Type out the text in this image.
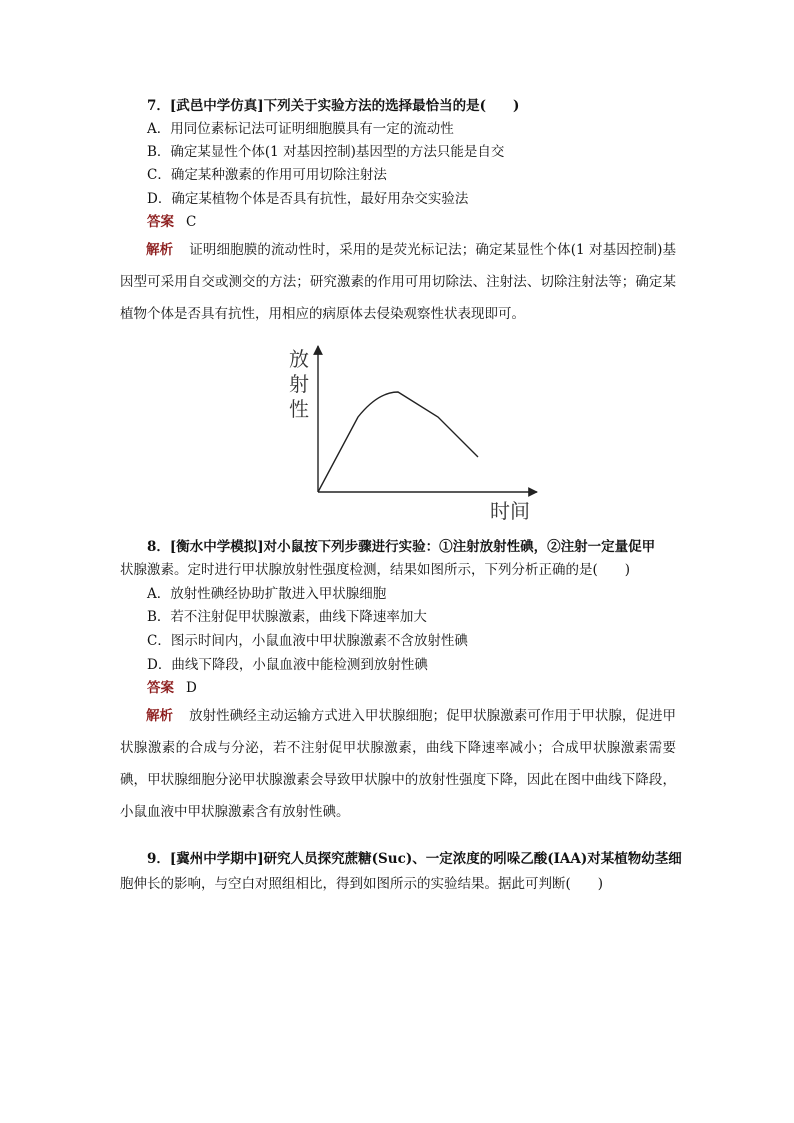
7．[武邑中学仿真]下列关于实验方法的选择最恰当的是(　　)
A．用同位素标记法可证明细胞膜具有一定的流动性
B．确定某显性个体(1 对基因控制)基因型的方法只能是自交
C．确定某种激素的作用可用切除注射法
D．确定某植物个体是否具有抗性，最好用杂交实验法
答案 C
解析 证明细胞膜的流动性时，采用的是荧光标记法；确定某显性个体(1 对基因控制)基因型可采用自交或测交的方法；研究激素的作用可用切除法、注射法、切除注射法等；确定某植物个体是否具有抗性，用相应的病原体去侵染观察性状表现即可。
放
射
性
时间
8．[衡水中学模拟]对小鼠按下列步骤进行实验：①注射放射性碘，②注射一定量促甲
状腺激素。定时进行甲状腺放射性强度检测，结果如图所示，下列分析正确的是(　　)
A．放射性碘经协助扩散进入甲状腺细胞
B．若不注射促甲状腺激素，曲线下降速率加大
C．图示时间内，小鼠血液中甲状腺激素不含放射性碘
D．曲线下降段，小鼠血液中能检测到放射性碘
答案 D
解析 放射性碘经主动运输方式进入甲状腺细胞；促甲状腺激素可作用于甲状腺，促进甲状腺激素的合成与分泌，若不注射促甲状腺激素，曲线下降速率减小；合成甲状腺激素需要碘，甲状腺细胞分泌甲状腺激素会导致甲状腺中的放射性强度下降，因此在图中曲线下降段，小鼠血液中甲状腺激素含有放射性碘。
9．[冀州中学期中]研究人员探究蔗糖(Suc)、一定浓度的吲哚乙酸(IAA)对某植物幼茎细
胞伸长的影响，与空白对照组相比，得到如图所示的实验结果。据此可判断(　　)
